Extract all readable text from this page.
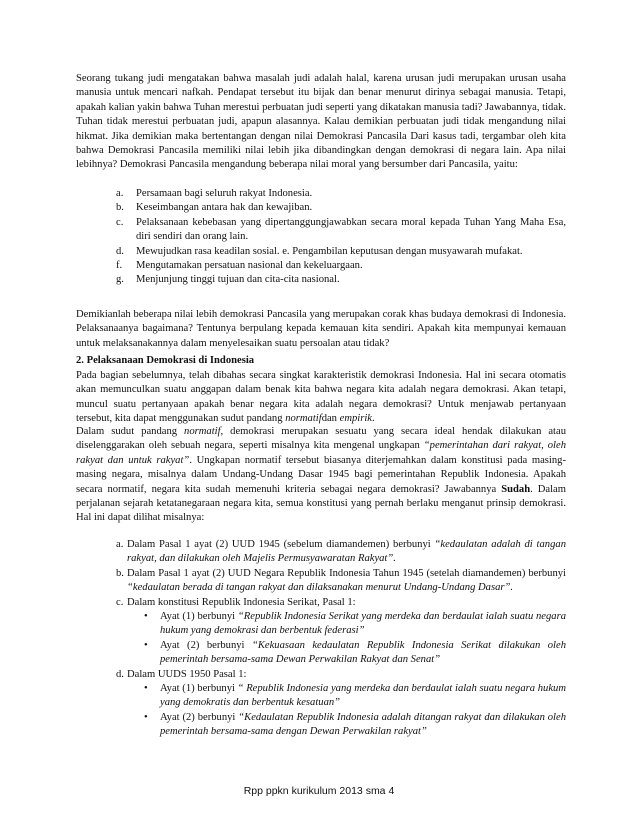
Seorang tukang judi mengatakan bahwa masalah judi adalah halal, karena urusan judi merupakan urusan usaha manusia untuk mencari nafkah. Pendapat tersebut itu bijak dan benar menurut dirinya sebagai manusia. Tetapi, apakah kalian yakin bahwa Tuhan merestui perbuatan judi seperti yang dikatakan manusia tadi? Jawabannya, tidak. Tuhan tidak merestui perbuatan judi, apapun alasannya. Kalau demikian perbuatan judi tidak mengandung nilai hikmat. Jika demikian maka bertentangan dengan nilai Demokrasi Pancasila Dari kasus tadi, tergambar oleh kita bahwa Demokrasi Pancasila memiliki nilai lebih jika dibandingkan dengan demokrasi di negara lain. Apa nilai lebihnya? Demokrasi Pancasila mengandung beberapa nilai moral yang bersumber dari Pancasila, yaitu:
a.	Persamaan bagi seluruh rakyat Indonesia.
b.	Keseimbangan antara hak dan kewajiban.
c.	Pelaksanaan kebebasan yang dipertanggungjawabkan secara moral kepada Tuhan Yang Maha Esa, diri sendiri dan orang lain.
d.	Mewujudkan rasa keadilan sosial. e. Pengambilan keputusan dengan musyawarah mufakat.
f.	Mengutamakan persatuan nasional dan kekeluargaan.
g.	Menjunjung tinggi tujuan dan cita-cita nasional.
Demikianlah beberapa nilai lebih demokrasi Pancasila yang merupakan corak khas budaya demokrasi di Indonesia. Pelaksanaanya bagaimana? Tentunya berpulang kepada kemauan kita sendiri. Apakah kita mempunyai kemauan untuk melaksanakannya dalam menyelesaikan suatu persoalan atau tidak?
2. Pelaksanaan Demokrasi di Indonesia
Pada bagian sebelumnya, telah dibahas secara singkat karakteristik demokrasi Indonesia. Hal ini secara otomatis akan memunculkan suatu anggapan dalam benak kita bahwa negara kita adalah negara demokrasi. Akan tetapi, muncul suatu pertanyaan apakah benar negara kita adalah negara demokrasi? Untuk menjawab pertanyaan tersebut, kita dapat menggunakan sudut pandang normatifdan empirik.
Dalam sudut pandang normatif, demokrasi merupakan sesuatu yang secara ideal hendak dilakukan atau diselenggarakan oleh sebuah negara, seperti misalnya kita mengenal ungkapan “pemerintahan dari rakyat, oleh rakyat dan untuk rakyat”. Ungkapan normatif tersebut biasanya diterjemahkan dalam konstitusi pada masing-masing negara, misalnya dalam Undang-Undang Dasar 1945 bagi pemerintahan Republik Indonesia. Apakah secara normatif, negara kita sudah memenuhi kriteria sebagai negara demokrasi? Jawabannya Sudah. Dalam perjalanan sejarah ketatanegaraan negara kita, semua konstitusi yang pernah berlaku menganut prinsip demokrasi. Hal ini dapat dilihat misalnya:
a. Dalam Pasal 1 ayat (2) UUD 1945 (sebelum diamandemen) berbunyi “kedaulatan adalah di tangan rakyat, dan dilakukan oleh Majelis Permusyawaratan Rakyat”.
b. Dalam Pasal 1 ayat (2) UUD Negara Republik Indonesia Tahun 1945 (setelah diamandemen) berbunyi “kedaulatan berada di tangan rakyat dan dilaksanakan menurut Undang-Undang Dasar”.
c. Dalam konstitusi Republik Indonesia Serikat, Pasal 1:
• Ayat (1) berbunyi “Republik Indonesia Serikat yang merdeka dan berdaulat ialah suatu negara hukum yang demokrasi dan berbentuk federasi”
• Ayat (2) berbunyi “Kekuasaan kedaulatan Republik Indonesia Serikat dilakukan oleh pemerintah bersama-sama Dewan Perwakilan Rakyat dan Senat”
d. Dalam UUDS 1950 Pasal 1:
• Ayat (1) berbunyi “ Republik Indonesia yang merdeka dan berdaulat ialah suatu negara hukum yang demokratis dan berbentuk kesatuan”
• Ayat (2) berbunyi “Kedaulatan Republik Indonesia adalah ditangan rakyat dan dilakukan oleh pemerintah bersama-sama dengan Dewan Perwakilan rakyat”
Rpp ppkn kurikulum 2013 sma 4
